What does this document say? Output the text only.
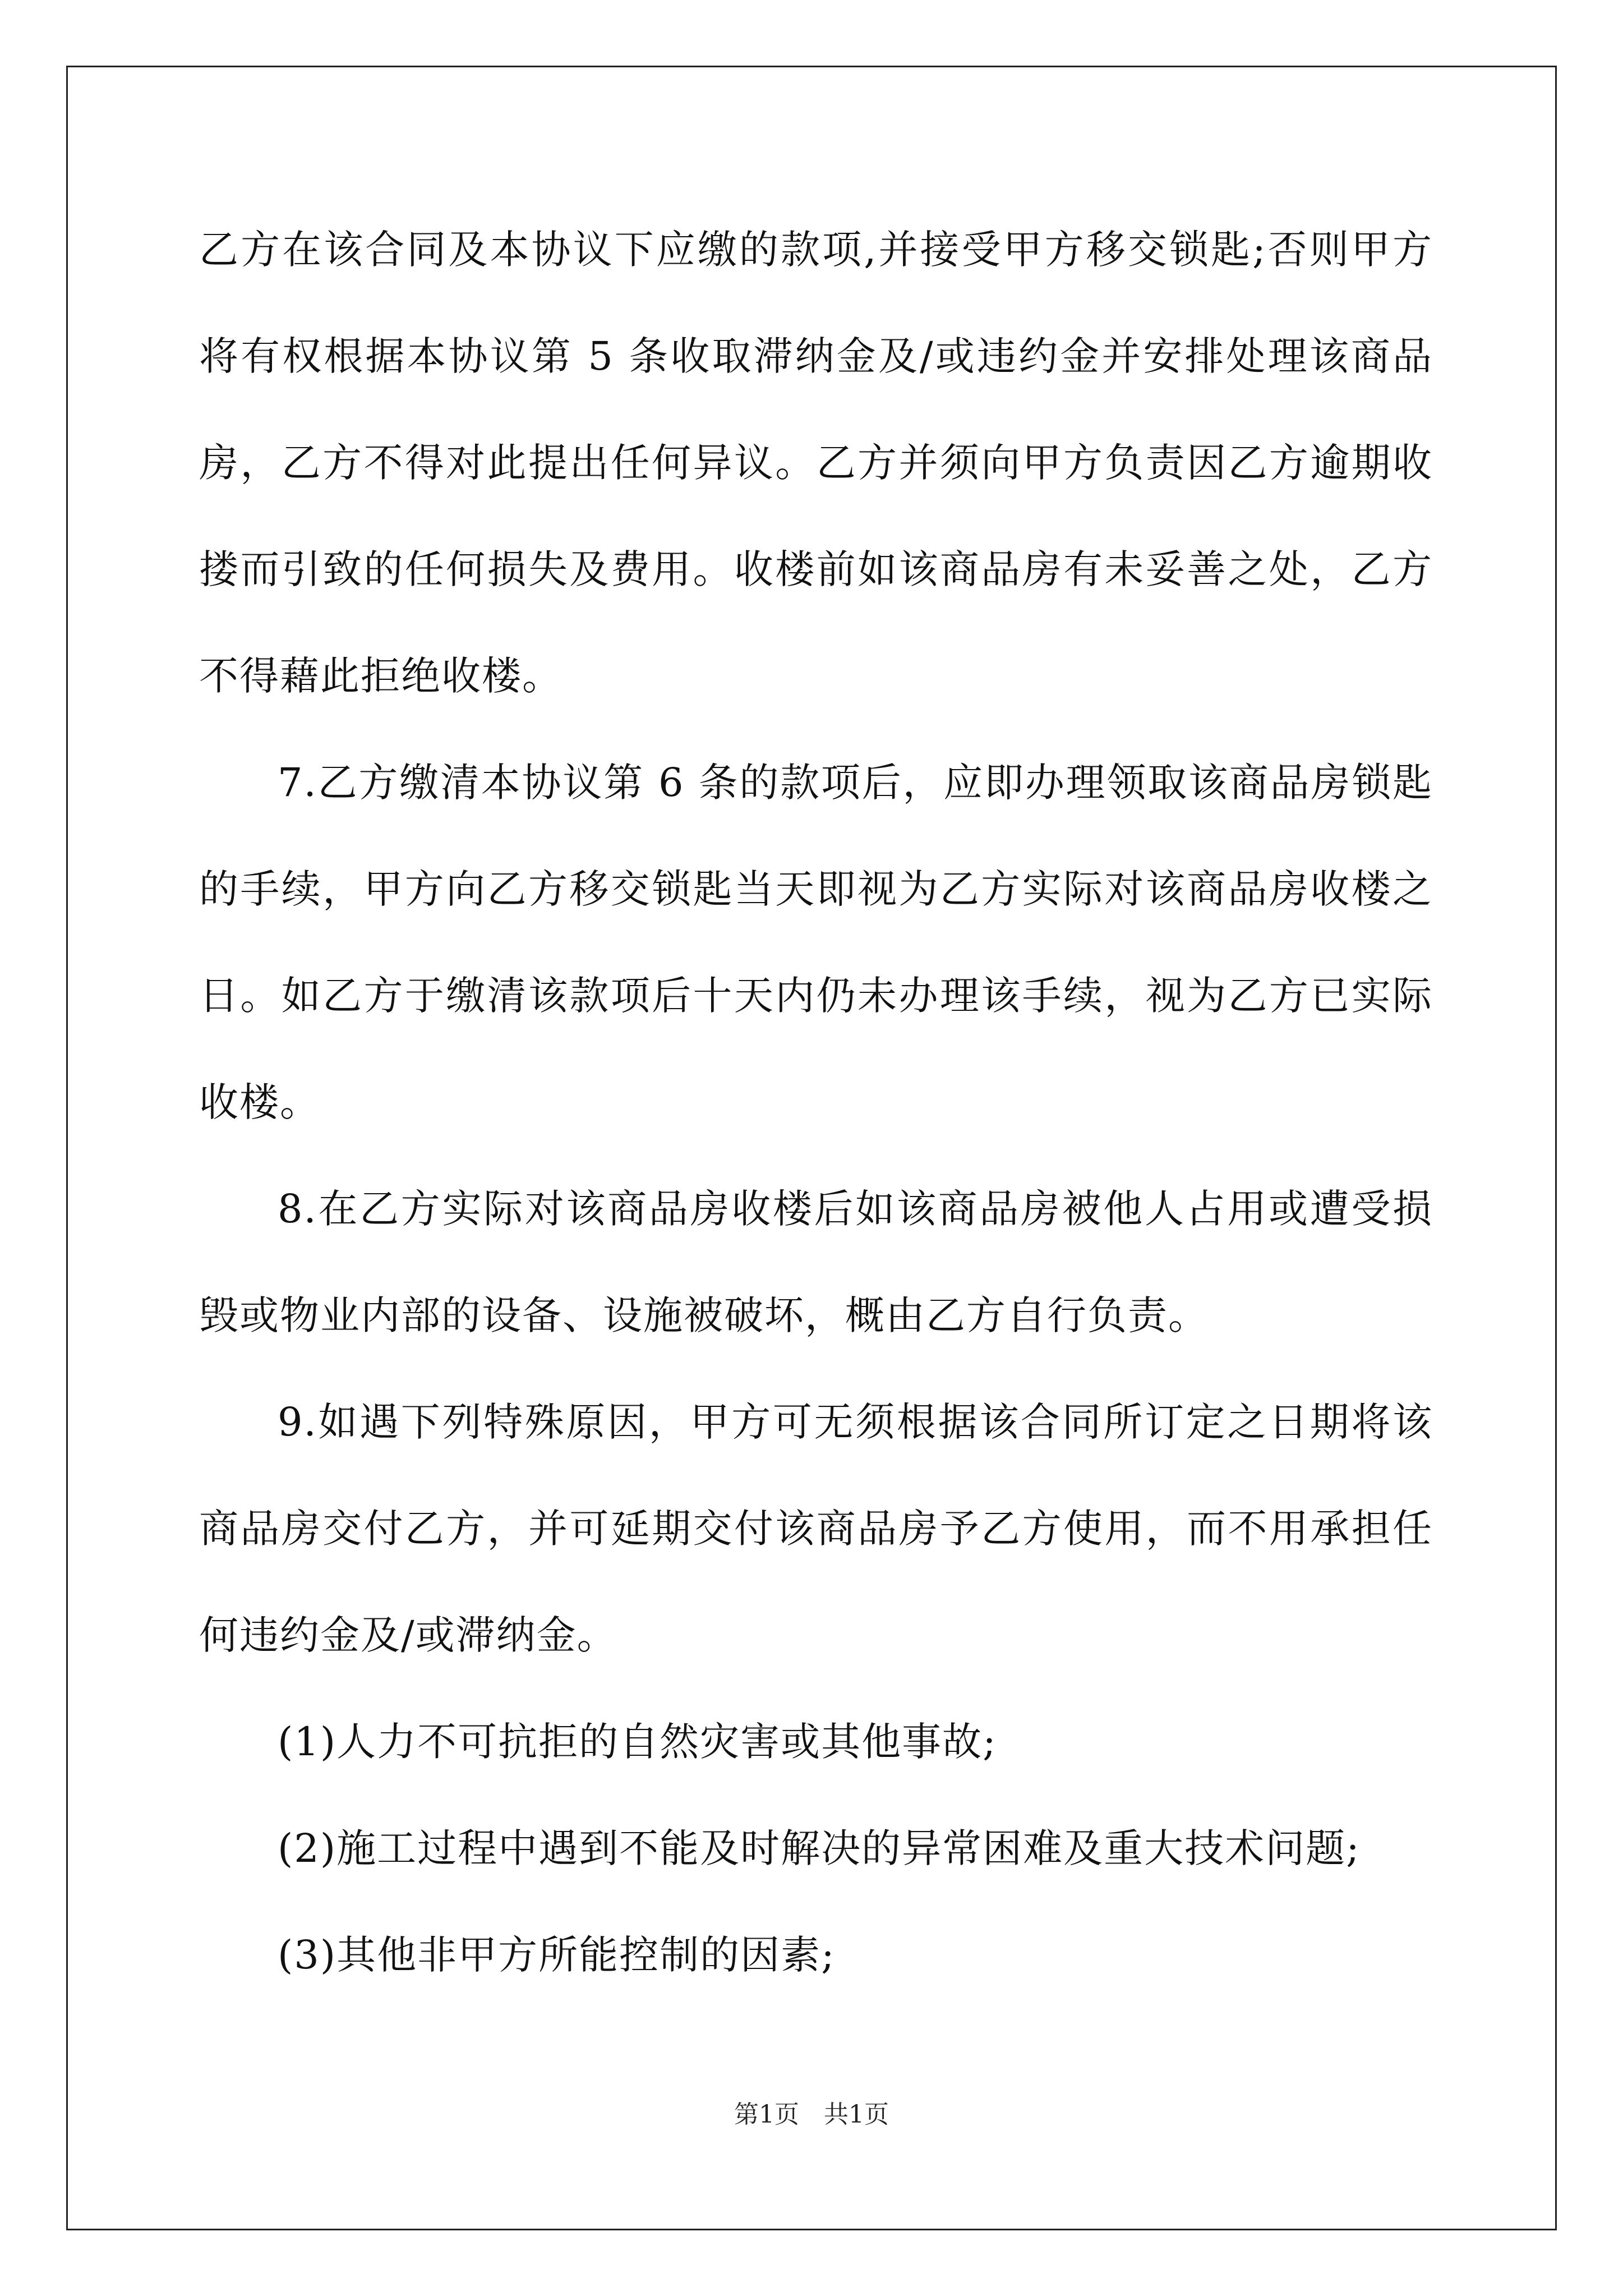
乙方在该合同及本协议下应缴的款项,并接受甲方移交锁匙;否则甲方
将有权根据本协议第 5 条收取滞纳金及/或违约金并安排处理该商品
房，乙方不得对此提出任何异议。乙方并须向甲方负责因乙方逾期收
搂而引致的任何损失及费用。收楼前如该商品房有未妥善之处，乙方
不得藉此拒绝收楼。
7.乙方缴清本协议第 6 条的款项后，应即办理领取该商品房锁匙
的手续，甲方向乙方移交锁匙当天即视为乙方实际对该商品房收楼之
日。如乙方于缴清该款项后十天内仍未办理该手续，视为乙方已实际
收楼。
8.在乙方实际对该商品房收楼后如该商品房被他人占用或遭受损
毁或物业内部的设备、设施被破坏，概由乙方自行负责。
9.如遇下列特殊原因，甲方可无须根据该合同所订定之日期将该
商品房交付乙方，并可延期交付该商品房予乙方使用，而不用承担任
何违约金及/或滞纳金。
(1)人力不可抗拒的自然灾害或其他事故;
(2)施工过程中遇到不能及时解决的异常困难及重大技术问题;
(3)其他非甲方所能控制的因素;
第1页　共1页
